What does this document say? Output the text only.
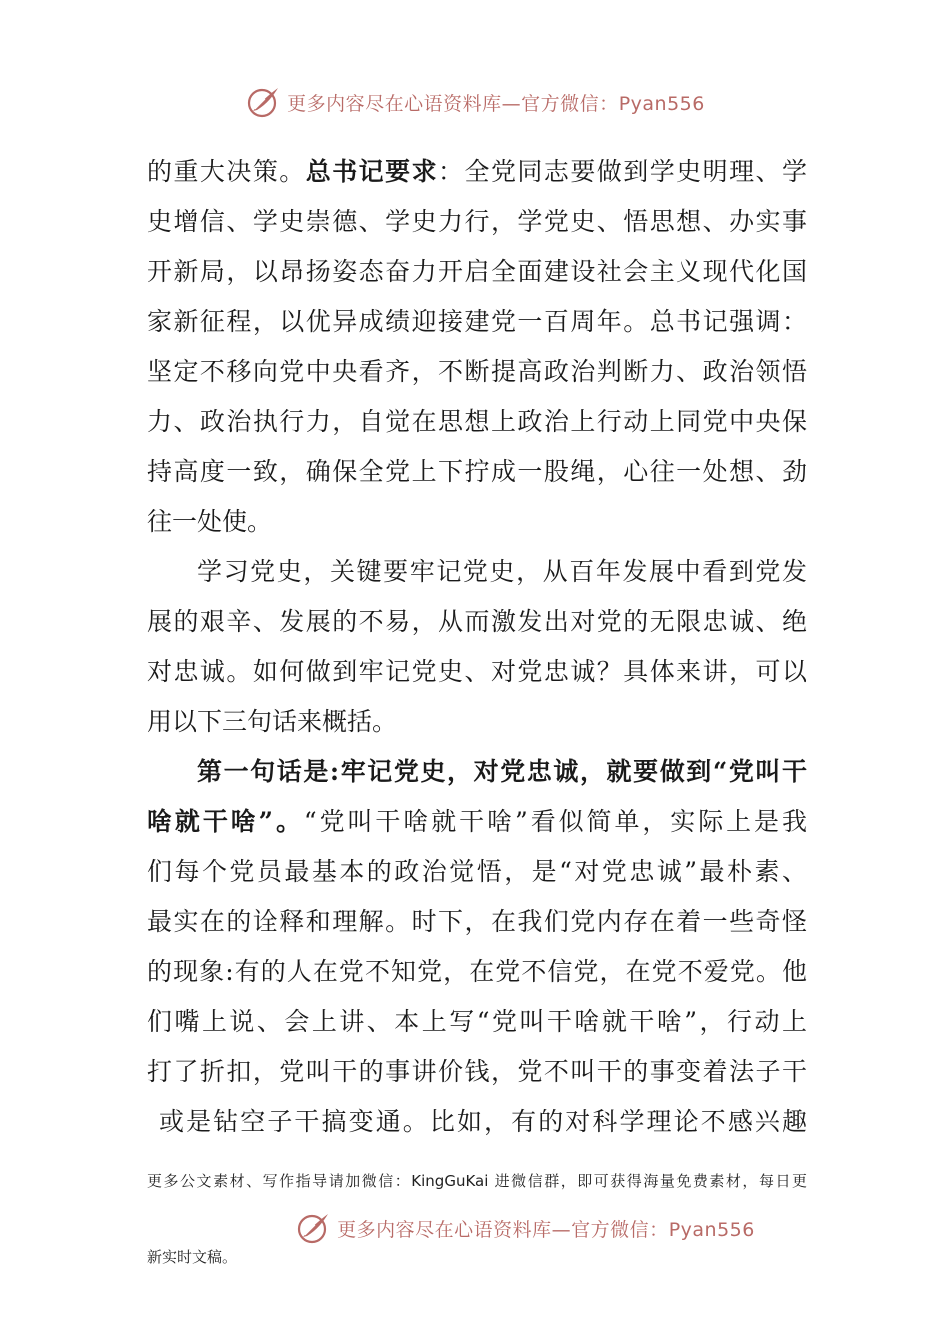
更多内容尽在心语资料库—官方微信：Pyan556
的重大决策。总书记要求：全党同志要做到学史明理、学
史增信、学史崇德、学史力行，学党史、悟思想、办实事
开新局，以昂扬姿态奋力开启全面建设社会主义现代化国
家新征程，以优异成绩迎接建党一百周年。总书记强调：
坚定不移向党中央看齐，不断提高政治判断力、政治领悟
力、政治执行力，自觉在思想上政治上行动上同党中央保
持高度一致，确保全党上下拧成一股绳，心往一处想、劲
往一处使。
学习党史，关键要牢记党史，从百年发展中看到党发
展的艰辛、发展的不易，从而激发出对党的无限忠诚、绝
对忠诚。如何做到牢记党史、对党忠诚？具体来讲，可以
用以下三句话来概括。
第一句话是:牢记党史，对党忠诚，就要做到“党叫干
啥就干啥”。“党叫干啥就干啥”看似简单，实际上是我
们每个党员最基本的政治觉悟，是“对党忠诚”最朴素、
最实在的诠释和理解。时下，在我们党内存在着一些奇怪
的现象:有的人在党不知党，在党不信党，在党不爱党。他
们嘴上说、会上讲、本上写“党叫干啥就干啥”，行动上
打了折扣，党叫干的事讲价钱，党不叫干的事变着法子干
或是钻空子干搞变通。比如，有的对科学理论不感兴趣
更多公文素材、写作指导请加微信：KingGuKai 进微信群，即可获得海量免费素材，每日更
更多内容尽在心语资料库—官方微信：Pyan556
新实时文稿。
